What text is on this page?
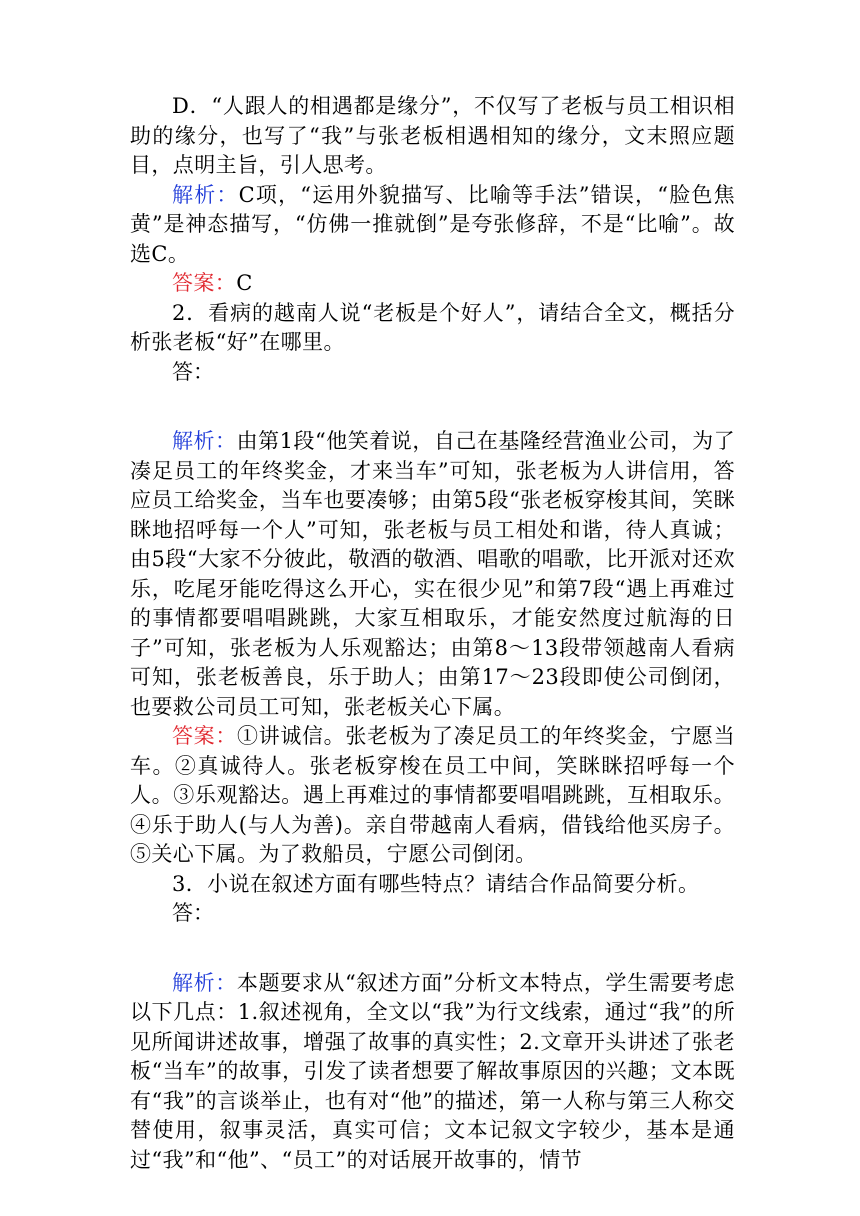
D．“人跟人的相遇都是缘分”，不仅写了老板与员工相识相助的缘分，也写了“我”与张老板相遇相知的缘分，文末照应题目，点明主旨，引人思考。

解析：C项，“运用外貌描写、比喻等手法”错误，“脸色焦黄”是神态描写，“仿佛一推就倒”是夸张修辞，不是“比喻”。故选C。

答案：C

2．看病的越南人说“老板是个好人”，请结合全文，概括分析张老板“好”在哪里。

答：

解析：由第1段“他笑着说，自己在基隆经营渔业公司，为了凑足员工的年终奖金，才来当车”可知，张老板为人讲信用，答应员工给奖金，当车也要凑够；由第5段“张老板穿梭其间，笑眯眯地招呼每一个人”可知，张老板与员工相处和谐，待人真诚；由5段“大家不分彼此，敬酒的敬酒、唱歌的唱歌，比开派对还欢乐，吃尾牙能吃得这么开心，实在很少见”和第7段“遇上再难过的事情都要唱唱跳跳，大家互相取乐，才能安然度过航海的日子”可知，张老板为人乐观豁达；由第8～13段带领越南人看病可知，张老板善良，乐于助人；由第17～23段即使公司倒闭，也要救公司员工可知，张老板关心下属。

答案：①讲诚信。张老板为了凑足员工的年终奖金，宁愿当车。②真诚待人。张老板穿梭在员工中间，笑眯眯招呼每一个人。③乐观豁达。遇上再难过的事情都要唱唱跳跳，互相取乐。④乐于助人(与人为善)。亲自带越南人看病，借钱给他买房子。⑤关心下属。为了救船员，宁愿公司倒闭。

3．小说在叙述方面有哪些特点？请结合作品简要分析。

答：

解析：本题要求从“叙述方面”分析文本特点，学生需要考虑以下几点：1.叙述视角，全文以“我”为行文线索，通过“我”的所见所闻讲述故事，增强了故事的真实性；2.文章开头讲述了张老板“当车”的故事，引发了读者想要了解故事原因的兴趣；文本既有“我”的言谈举止，也有对“他”的描述，第一人称与第三人称交替使用，叙事灵活，真实可信；文本记叙文字较少，基本是通过“我”和“他”、“员工”的对话展开故事的，情节
